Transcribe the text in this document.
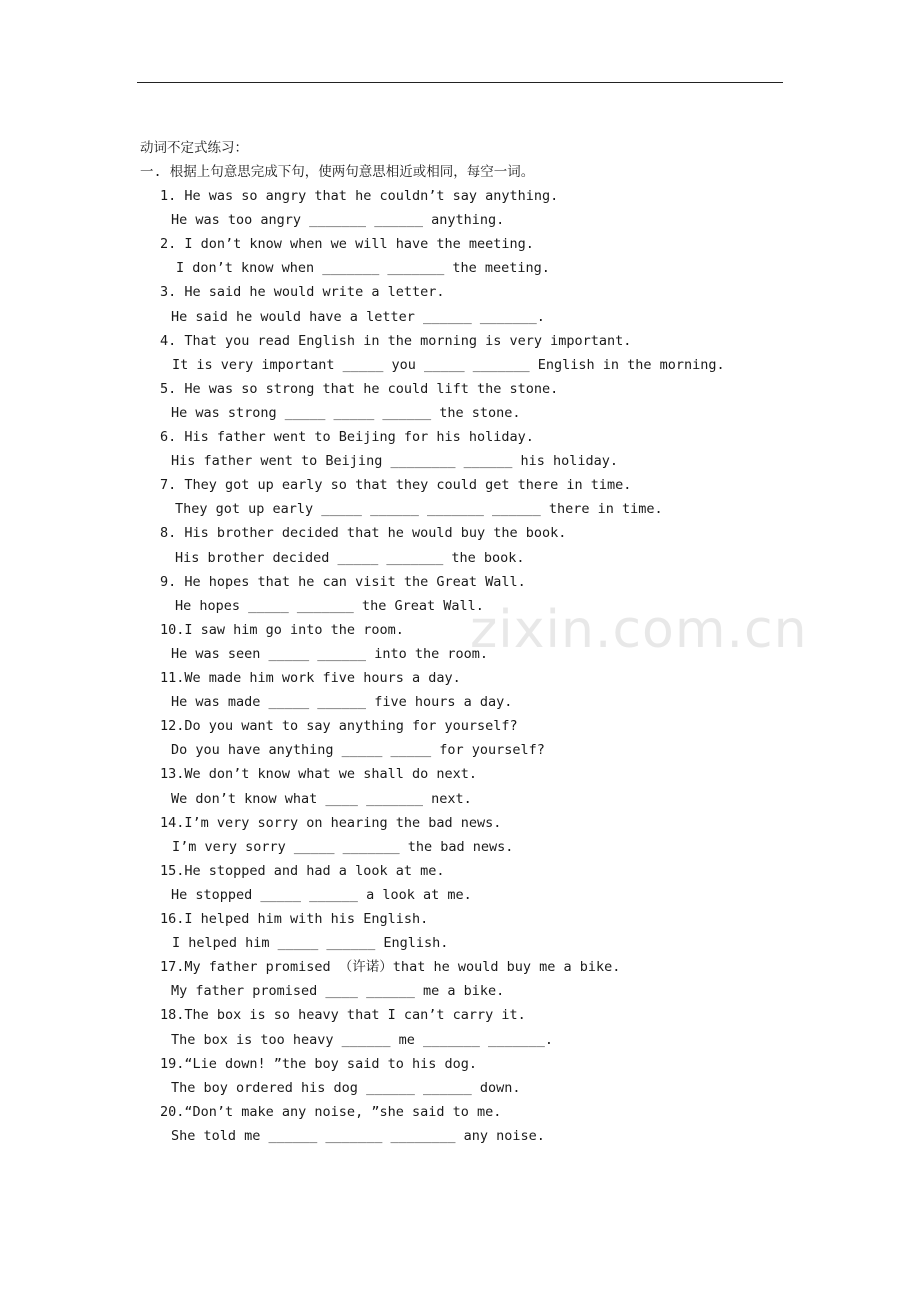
动词不定式练习：
一. 根据上句意思完成下句，使两句意思相近或相同，每空一词。
1. He was so angry that he couldn’t say anything.
He was too angry _______ ______ anything.
2. I don’t know when we will have the meeting.
I don’t know when _______ _______ the meeting.
3. He said he would write a letter.
He said he would have a letter ______ _______.
4. That you read English in the morning is very important.
It is very important _____ you _____ _______ English in the morning.
5. He was so strong that he could lift the stone.
He was strong _____ _____ ______ the stone.
6. His father went to Beijing for his holiday.
His father went to Beijing ________ ______ his holiday.
7. They got up early so that they could get there in time.
They got up early _____ ______ _______ ______ there in time.
8. His brother decided that he would buy the book.
His brother decided _____ _______ the book.
9. He hopes that he can visit the Great Wall.
He hopes _____ _______ the Great Wall.
10.I saw him go into the room.
He was seen _____ ______ into the room.
11.We made him work five hours a day.
He was made _____ ______ five hours a day.
12.Do you want to say anything for yourself?
Do you have anything _____ _____ for yourself?
13.We don’t know what we shall do next.
We don’t know what ____ _______ next.
14.I’m very sorry on hearing the bad news.
I’m very sorry _____ _______ the bad news.
15.He stopped and had a look at me.
He stopped _____ ______ a look at me.
16.I helped him with his English.
I helped him _____ ______ English.
17.My father promised （许诺）that he would buy me a bike.
My father promised ____ ______ me a bike.
18.The box is so heavy that I can’t carry it.
The box is too heavy ______ me _______ _______.
19.“Lie down! ”the boy said to his dog.
The boy ordered his dog ______ ______ down.
20.“Don’t make any noise, ”she said to me.
She told me ______ _______ ________ any noise.
zixin.com.cn
